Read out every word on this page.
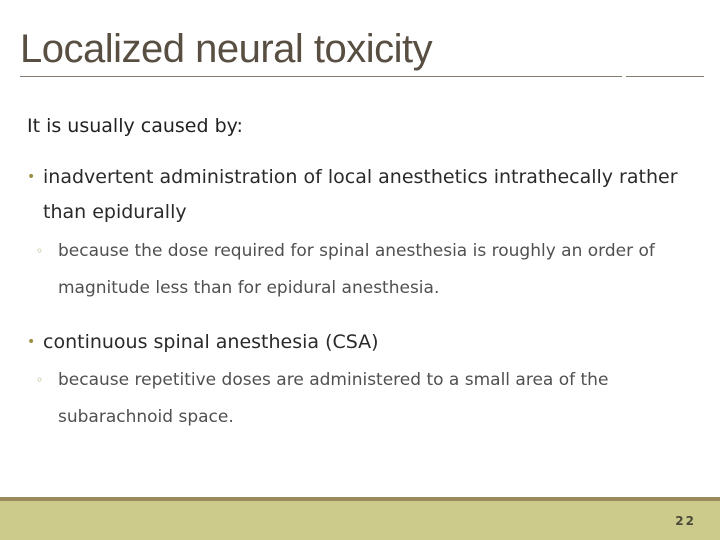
Localized neural toxicity
It is usually caused by:
• inadvertent administration of local anesthetics intrathecally rather than epidurally
◦ because the dose required for spinal anesthesia is roughly an order of magnitude less than for epidural anesthesia.
• continuous spinal anesthesia (CSA)
◦ because repetitive doses are administered to a small area of the subarachnoid space.
22
